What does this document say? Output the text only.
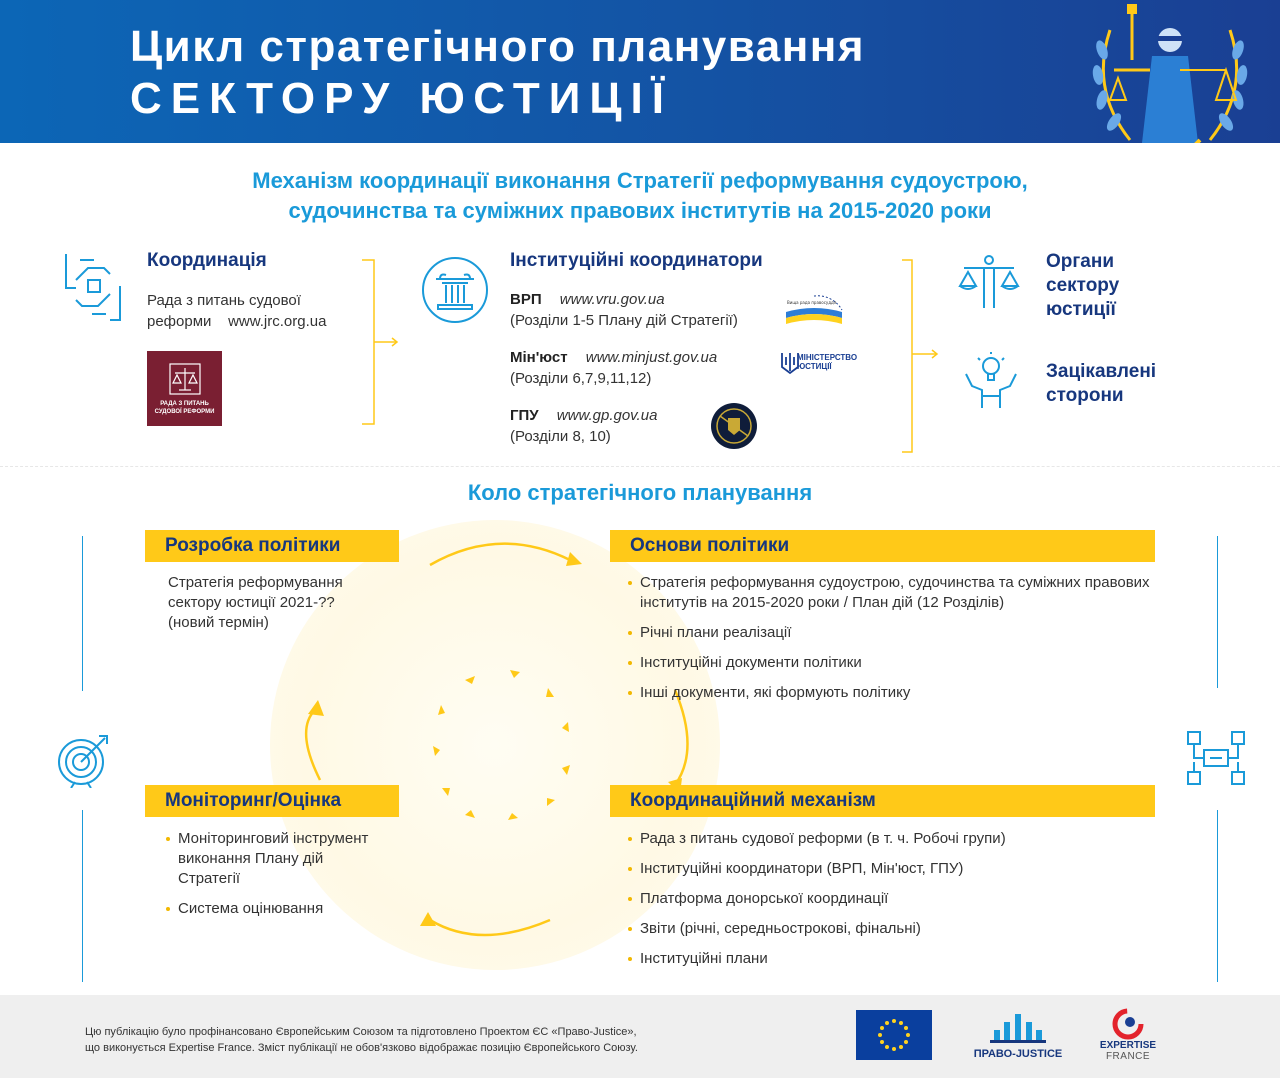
Цикл стратегічного планування
СЕКТОРУ ЮСТИЦІЇ
Механізм координації виконання Стратегії реформування судоустрою,
судочинства та суміжних правових інститутів на 2015-2020 роки
Координація
Рада з питань судової
реформи    www.jrc.org.ua
РАДА З ПИТАНЬ СУДОВОЇ РЕФОРМИ
Інституційні координатори
ВРП www.vru.gov.ua
(Розділи 1-5 Плану дій Стратегії)
Вища рада правосуддя
Мін'юст www.minjust.gov.ua
(Розділи 6,7,9,11,12)
МІНІСТЕРСТВО ЮСТИЦІЇ
ГПУ www.gp.gov.ua
(Розділи 8, 10)
Органи
сектору
юстиції
Зацікавлені
сторони
Коло стратегічного планування
Розробка політики
Стратегія реформування
сектору юстиції 2021-??
(новий термін)
Основи політики
Стратегія реформування судоустрою, судочинства та суміжних правових інститутів на 2015-2020 роки / План дій (12 Розділів)
Річні плани реалізації
Інституційні документи політики
Інші документи, які формують політику
Моніторинг/Оцінка
Моніторинговий інструмент виконання Плану дій Стратегії
Система оцінювання
Координаційний механізм
Рада з питань судової реформи (в т. ч. Робочі групи)
Інституційні координатори (ВРП, Мін'юст, ГПУ)
Платформа донорської координації
Звіти (річні, середньострокові, фінальні)
Інституційні плани
Цю публікацію було профінансовано Європейським Союзом та підготовлено Проектом ЄС «Право-Justice»,
що виконується Expertise France. Зміст публікації не обов'язково відображає позицію Європейського Союзу.	ПРАВО-JUSTICE
EXPERTISE
FRANCE
